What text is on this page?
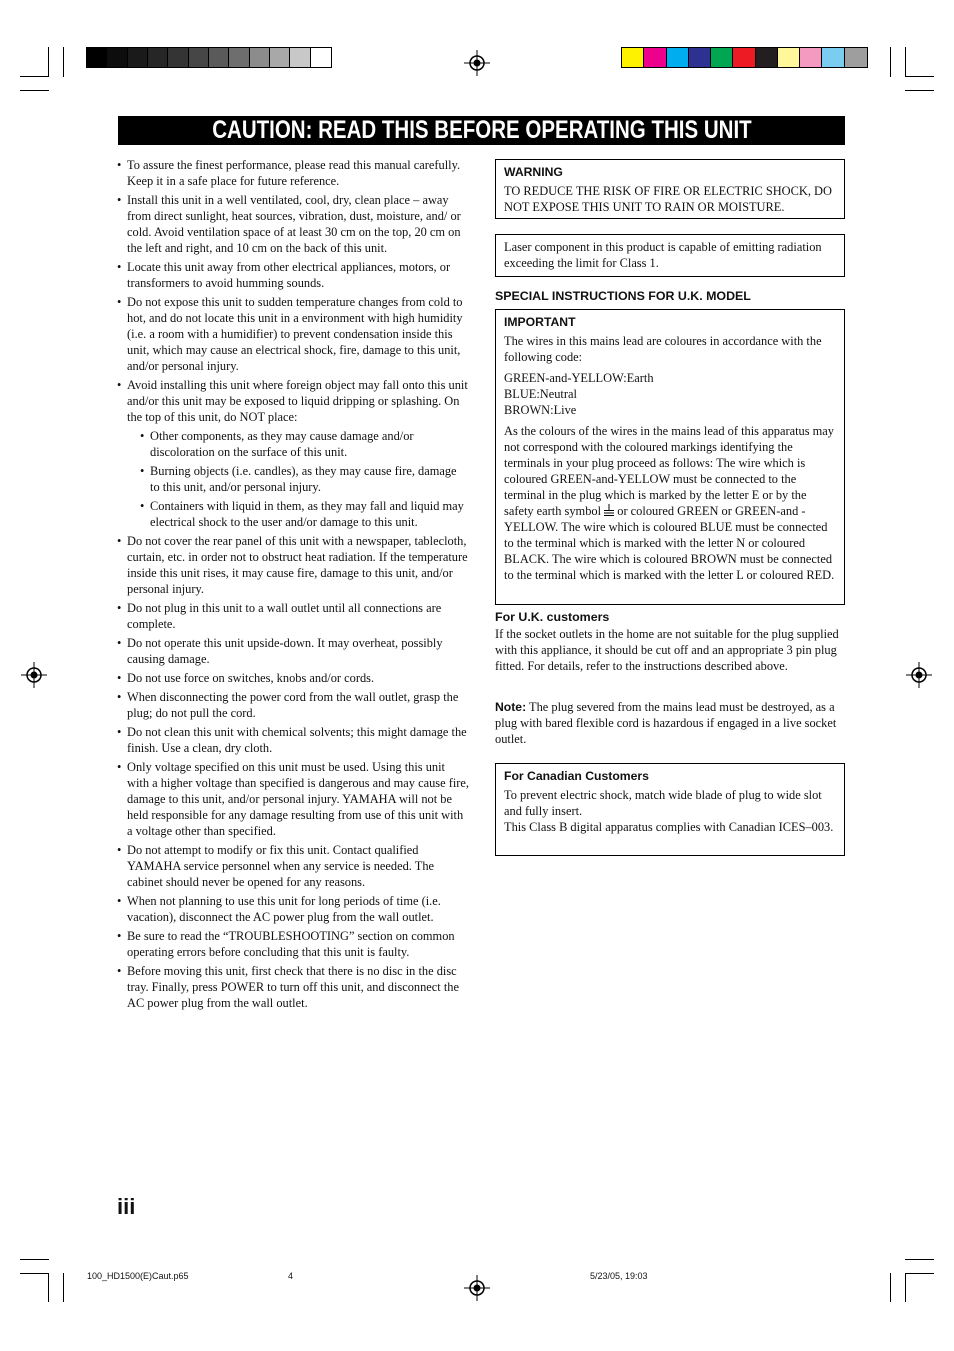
CAUTION: READ THIS BEFORE OPERATING THIS UNIT
• To assure the finest performance, please read this manual carefully. Keep it in a safe place for future reference.
• Install this unit in a well ventilated, cool, dry, clean place – away from direct sunlight, heat sources, vibration, dust, moisture, and/ or cold. Avoid ventilation space of at least 30 cm on the top, 20 cm on the left and right, and 10 cm on the back of this unit.
• Locate this unit away from other electrical appliances, motors, or transformers to avoid humming sounds.
• Do not expose this unit to sudden temperature changes from cold to hot, and do not locate this unit in a environment with high humidity (i.e. a room with a humidifier) to prevent condensation inside this unit, which may cause an electrical shock, fire, damage to this unit, and/or personal injury.
• Avoid installing this unit where foreign object may fall onto this unit and/or this unit may be exposed to liquid dripping or splashing. On the top of this unit, do NOT place:
• Other components, as they may cause damage and/or discoloration on the surface of this unit.
• Burning objects (i.e. candles), as they may cause fire, damage to this unit, and/or personal injury.
• Containers with liquid in them, as they may fall and liquid may electrical shock to the user and/or damage to this unit.
• Do not cover the rear panel of this unit with a newspaper, tablecloth, curtain, etc. in order not to obstruct heat radiation. If the temperature inside this unit rises, it may cause fire, damage to this unit, and/or personal injury.
• Do not plug in this unit to a wall outlet until all connections are complete.
• Do not operate this unit upside-down. It may overheat, possibly causing damage.
• Do not use force on switches, knobs and/or cords.
• When disconnecting the power cord from the wall outlet, grasp the plug; do not pull the cord.
• Do not clean this unit with chemical solvents; this might damage the finish. Use a clean, dry cloth.
• Only voltage specified on this unit must be used. Using this unit with a higher voltage than specified is dangerous and may cause fire, damage to this unit, and/or personal injury. YAMAHA will not be held responsible for any damage resulting from use of this unit with a voltage other than specified.
• Do not attempt to modify or fix this unit. Contact qualified YAMAHA service personnel when any service is needed. The cabinet should never be opened for any reasons.
• When not planning to use this unit for long periods of time (i.e. vacation), disconnect the AC power plug from the wall outlet.
• Be sure to read the “TROUBLESHOOTING” section on common operating errors before concluding that this unit is faulty.
• Before moving this unit, first check that there is no disc in the disc tray. Finally, press POWER to turn off this unit, and disconnect the AC power plug from the wall outlet.
WARNING

TO REDUCE THE RISK OF FIRE OR ELECTRIC SHOCK, DO NOT EXPOSE THIS UNIT TO RAIN OR MOISTURE.

Laser component in this product is capable of emitting radiation exceeding the limit for Class 1.

SPECIAL INSTRUCTIONS FOR U.K. MODEL
IMPORTANT

The wires in this mains lead are coloures in accordance with the following code:

GREEN-and-YELLOW:Earth
BLUE:Neutral
BROWN:Live

As the colours of the wires in the mains lead of this apparatus may not correspond with the coloured markings identifying the terminals in your plug proceed as follows: The wire which is coloured GREEN-and-YELLOW must be connected to the terminal in the plug which is marked by the letter E or by the safety earth symbol or coloured GREEN or GREEN-and - YELLOW. The wire which is coloured BLUE must be connected to the terminal which is marked with the letter N or coloured BLACK. The wire which is coloured BROWN must be connected to the terminal which is marked with the letter L or coloured RED.

For U.K. customers
If the socket outlets in the home are not suitable for the plug supplied with this appliance, it should be cut off and an appropriate 3 pin plug fitted. For details, refer to the instructions described above.
Note: The plug severed from the mains lead must be destroyed, as a plug with bared flexible cord is hazardous if engaged in a live socket outlet.
For Canadian Customers

To prevent electric shock, match wide blade of plug to wide slot and fully insert.

This Class B digital apparatus complies with Canadian ICES–003.

iii
100_HD1500(E)Caut.p65	4	5/23/05, 19:03
